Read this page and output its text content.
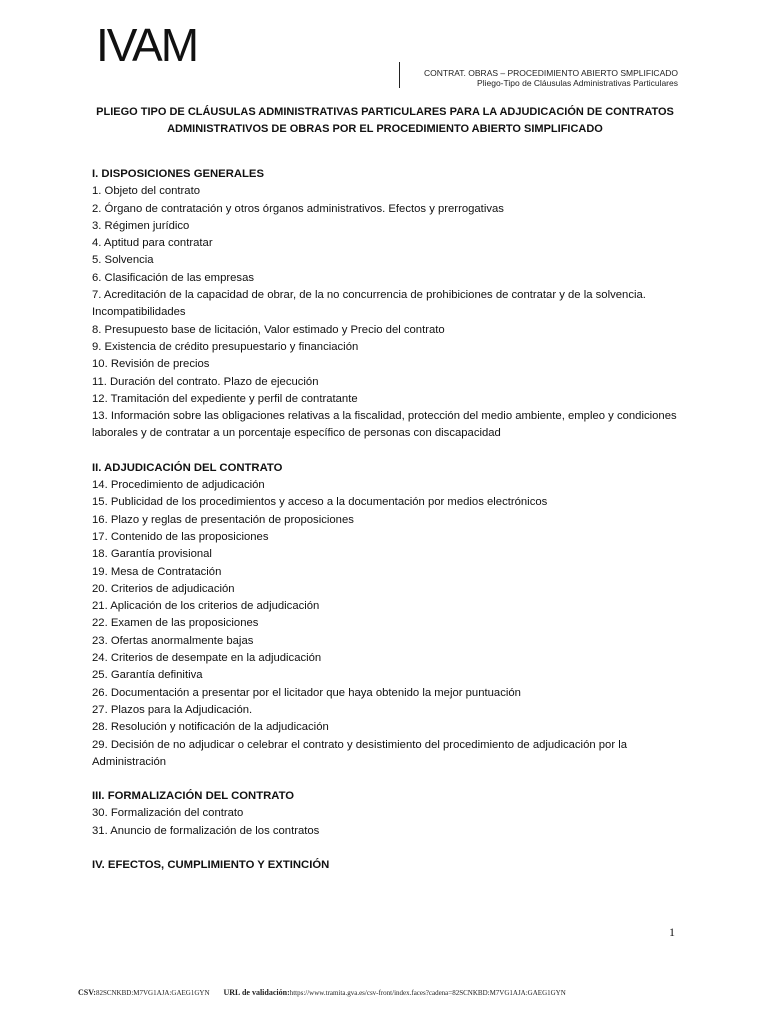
IVAM
CONTRAT. OBRAS – PROCEDIMIENTO ABIERTO SMPLIFICADO
Pliego-Tipo de Cláusulas Administrativas Particulares
PLIEGO TIPO DE CLÁUSULAS ADMINISTRATIVAS PARTICULARES PARA LA ADJUDICACIÓN DE CONTRATOS ADMINISTRATIVOS DE OBRAS POR EL PROCEDIMIENTO ABIERTO SIMPLIFICADO
I. DISPOSICIONES GENERALES
1. Objeto del contrato
2. Órgano de contratación y otros órganos administrativos. Efectos y prerrogativas
3. Régimen jurídico
4. Aptitud para contratar
5. Solvencia
6. Clasificación de las empresas
7. Acreditación de la capacidad de obrar, de la no concurrencia de prohibiciones de contratar y de la solvencia. Incompatibilidades
8. Presupuesto base de licitación, Valor estimado y Precio del contrato
9. Existencia de crédito presupuestario y financiación
10. Revisión de precios
11. Duración del contrato. Plazo de ejecución
12. Tramitación del expediente y perfil de contratante
13. Información sobre las obligaciones relativas a la fiscalidad, protección del medio ambiente, empleo y condiciones laborales y de contratar a un porcentaje específico de personas con discapacidad
II. ADJUDICACIÓN DEL CONTRATO
14. Procedimiento de adjudicación
15. Publicidad de los procedimientos y acceso a la documentación por medios electrónicos
16. Plazo y reglas de presentación de proposiciones
17. Contenido de las proposiciones
18. Garantía provisional
19. Mesa de Contratación
20. Criterios de adjudicación
21. Aplicación de los criterios de adjudicación
22. Examen de las proposiciones
23. Ofertas anormalmente bajas
24. Criterios de desempate en la adjudicación
25. Garantía definitiva
26. Documentación a presentar por el licitador que haya obtenido la mejor puntuación
27. Plazos para la Adjudicación.
28. Resolución y notificación de la adjudicación
29. Decisión de no adjudicar o celebrar el contrato y desistimiento del procedimiento de adjudicación por la Administración
III. FORMALIZACIÓN DEL CONTRATO
30. Formalización del contrato
31. Anuncio de formalización de los contratos
IV. EFECTOS, CUMPLIMIENTO Y EXTINCIÓN
1
CSV:82SCNKBD:M7VG1AJA:GAEG1GYN URL de validación:https://www.tramita.gva.es/csv-front/index.faces?cadena=82SCNKBD:M7VG1AJA:GAEG1GYN
